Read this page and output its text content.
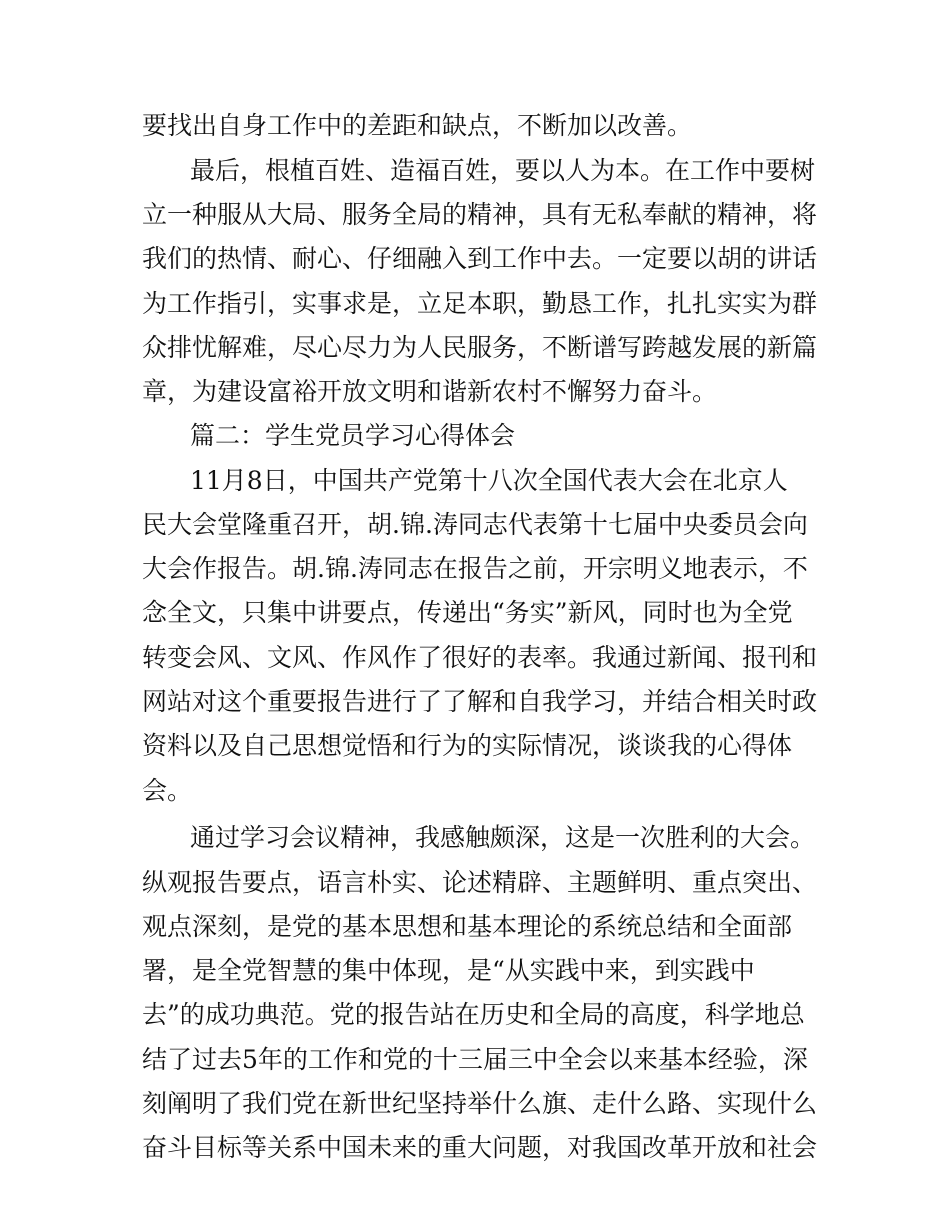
要找出自身工作中的差距和缺点，不断加以改善。

最后，根植百姓、造福百姓，要以人为本。在工作中要树

立一种服从大局、服务全局的精神，具有无私奉献的精神，将

我们的热情、耐心、仔细融入到工作中去。一定要以胡的讲话

为工作指引，实事求是，立足本职，勤恳工作，扎扎实实为群

众排忧解难，尽心尽力为人民服务，不断谱写跨越发展的新篇

章，为建设富裕开放文明和谐新农村不懈努力奋斗。

篇二：学生党员学习心得体会

11月8日，中国共产党第十八次全国代表大会在北京人

民大会堂隆重召开，胡.锦.涛同志代表第十七届中央委员会向

大会作报告。胡.锦.涛同志在报告之前，开宗明义地表示，不

念全文，只集中讲要点，传递出“务实”新风，同时也为全党

转变会风、文风、作风作了很好的表率。我通过新闻、报刊和

网站对这个重要报告进行了了解和自我学习，并结合相关时政

资料以及自己思想觉悟和行为的实际情况，谈谈我的心得体

会。

通过学习会议精神，我感触颇深，这是一次胜利的大会。

纵观报告要点，语言朴实、论述精辟、主题鲜明、重点突出、

观点深刻，是党的基本思想和基本理论的系统总结和全面部

署，是全党智慧的集中体现，是“从实践中来，到实践中

去”的成功典范。党的报告站在历史和全局的高度，科学地总

结了过去5年的工作和党的十三届三中全会以来基本经验，深

刻阐明了我们党在新世纪坚持举什么旗、走什么路、实现什么

奋斗目标等关系中国未来的重大问题，对我国改革开放和社会
